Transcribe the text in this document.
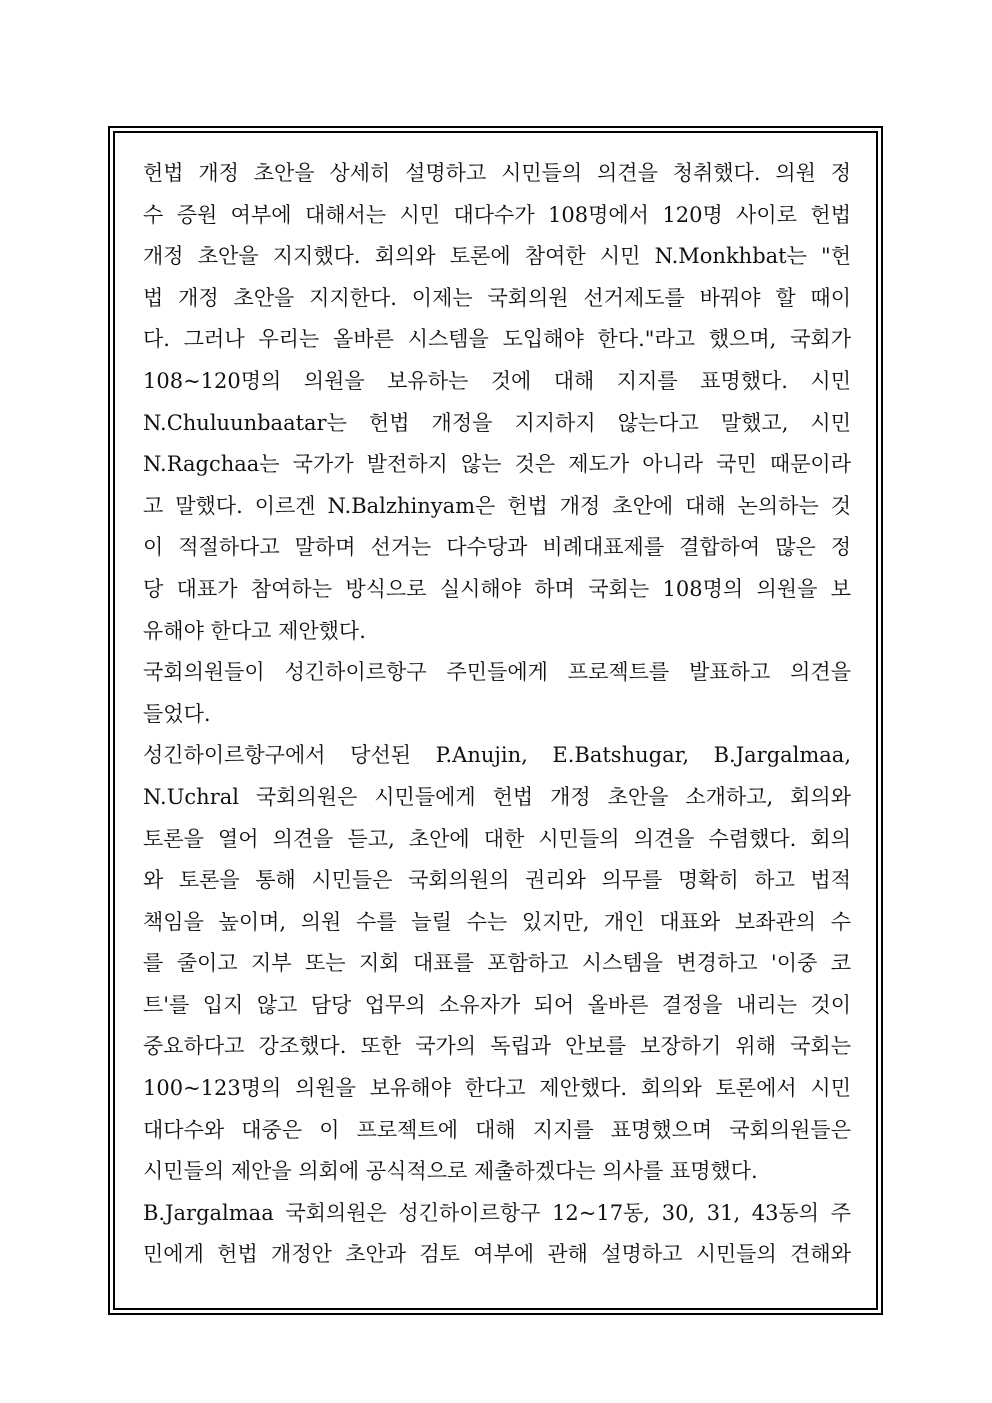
헌법 개정 초안을 상세히 설명하고 시민들의 의견을 청취했다. 의원 정
수 증원 여부에 대해서는 시민 대다수가 108명에서 120명 사이로 헌법
개정 초안을 지지했다. 회의와 토론에 참여한 시민 N.Monkhbat는 "헌
법 개정 초안을 지지한다. 이제는 국회의원 선거제도를 바꿔야 할 때이
다. 그러나 우리는 올바른 시스템을 도입해야 한다."라고 했으며, 국회가
108~120명의 의원을 보유하는 것에 대해 지지를 표명했다. 시민
N.Chuluunbaatar는 헌법 개정을 지지하지 않는다고 말했고, 시민
N.Ragchaa는 국가가 발전하지 않는 것은 제도가 아니라 국민 때문이라
고 말했다. 이르겐 N.Balzhinyam은 헌법 개정 초안에 대해 논의하는 것
이 적절하다고 말하며 선거는 다수당과 비례대표제를 결합하여 많은 정
당 대표가 참여하는 방식으로 실시해야 하며 국회는 108명의 의원을 보
유해야 한다고 제안했다.
국회의원들이 성긴하이르항구 주민들에게 프로젝트를 발표하고 의견을
들었다.
성긴하이르항구에서 당선된 P.Anujin, E.Batshugar, B.Jargalmaa,
N.Uchral 국회의원은 시민들에게 헌법 개정 초안을 소개하고, 회의와
토론을 열어 의견을 듣고, 초안에 대한 시민들의 의견을 수렴했다. 회의
와 토론을 통해 시민들은 국회의원의 권리와 의무를 명확히 하고 법적
책임을 높이며, 의원 수를 늘릴 수는 있지만, 개인 대표와 보좌관의 수
를 줄이고 지부 또는 지회 대표를 포함하고 시스템을 변경하고 '이중 코
트'를 입지 않고 담당 업무의 소유자가 되어 올바른 결정을 내리는 것이
중요하다고 강조했다. 또한 국가의 독립과 안보를 보장하기 위해 국회는
100~123명의 의원을 보유해야 한다고 제안했다. 회의와 토론에서 시민
대다수와 대중은 이 프로젝트에 대해 지지를 표명했으며 국회의원들은
시민들의 제안을 의회에 공식적으로 제출하겠다는 의사를 표명했다.
B.Jargalmaa 국회의원은 성긴하이르항구 12~17동, 30, 31, 43동의 주
민에게 헌법 개정안 초안과 검토 여부에 관해 설명하고 시민들의 견해와
